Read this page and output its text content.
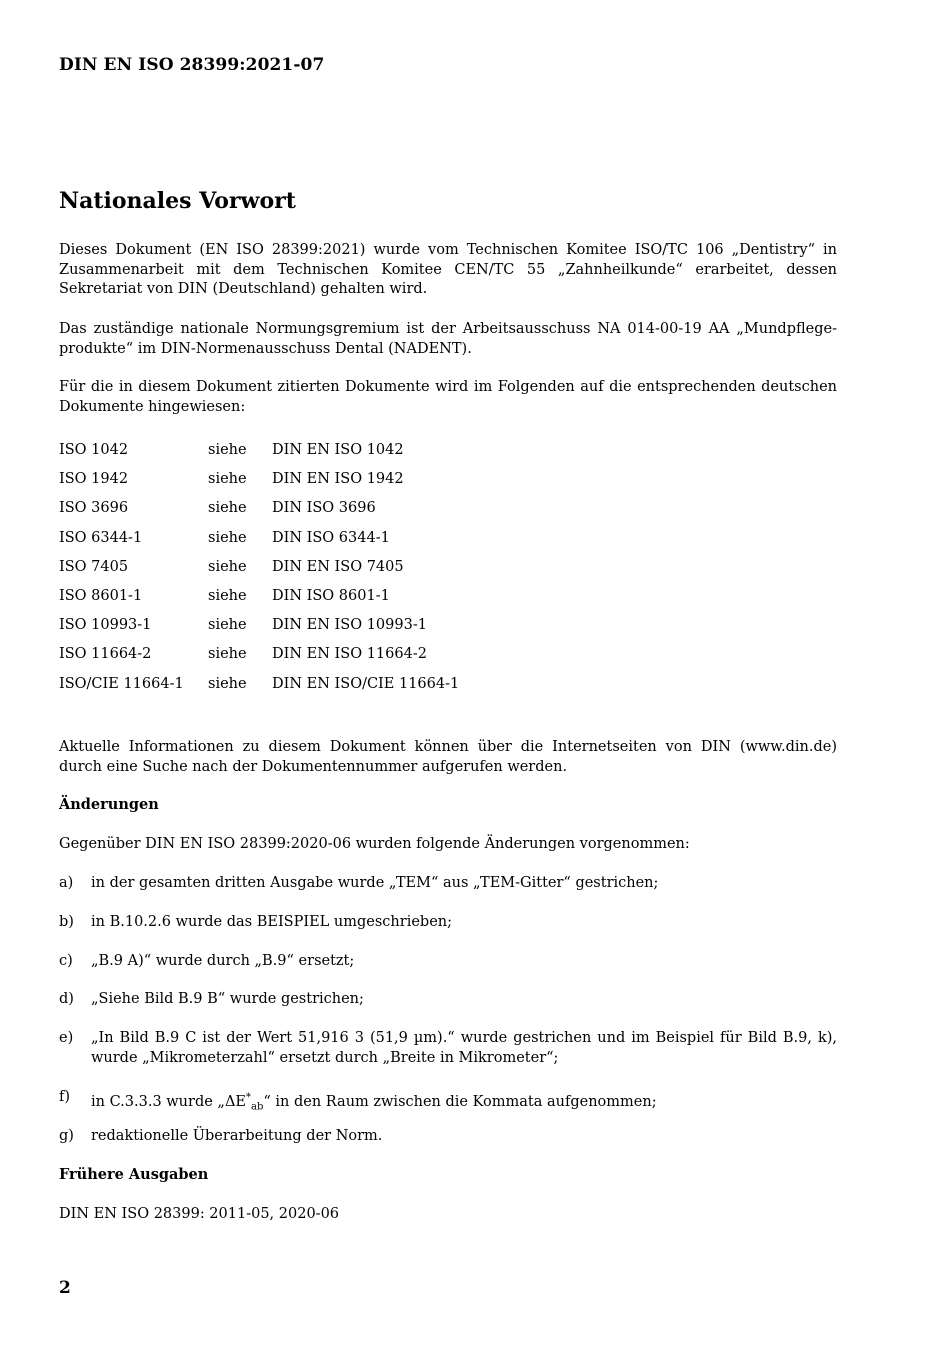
DIN EN ISO 28399:2021-07
Nationales Vorwort

Dieses Dokument (EN ISO 28399:2021) wurde vom Technischen Komitee ISO/TC 106 „Dentistry“ in Zusammenarbeit mit dem Technischen Komitee CEN/TC 55 „Zahnheilkunde“ erarbeitet, dessen Sekretariat von DIN (Deutschland) gehalten wird.

Das zuständige nationale Normungsgremium ist der Arbeitsausschuss NA 014-00-19 AA „Mundpflege-produkte“ im DIN-Normenausschuss Dental (NADENT).

Für die in diesem Dokument zitierten Dokumente wird im Folgenden auf die entsprechenden deutschen Dokumente hingewiesen:

ISO 1042	siehe DIN EN ISO 1042
ISO 1942	siehe DIN EN ISO 1942
ISO 3696	siehe DIN ISO 3696
ISO 6344-1	siehe DIN ISO 6344-1
ISO 7405	siehe DIN EN ISO 7405
ISO 8601-1	siehe DIN ISO 8601-1
ISO 10993-1	siehe DIN EN ISO 10993-1
ISO 11664-2	siehe DIN EN ISO 11664-2
ISO/CIE 11664-1 siehe DIN EN ISO/CIE 11664-1

Aktuelle Informationen zu diesem Dokument können über die Internetseiten von DIN (www.din.de) durch eine Suche nach der Dokumentennummer aufgerufen werden.

Änderungen

Gegenüber DIN EN ISO 28399:2020-06 wurden folgende Änderungen vorgenommen:

a) in der gesamten dritten Ausgabe wurde „TEM“ aus „TEM-Gitter“ gestrichen;
b) in B.10.2.6 wurde das BEISPIEL umgeschrieben;
c) „B.9 A)“ wurde durch „B.9“ ersetzt;
d) „Siehe Bild B.9 B“ wurde gestrichen;
e) „In Bild B.9 C ist der Wert 51,916 3 (51,9 µm).“ wurde gestrichen und im Beispiel für Bild B.9, k), wurde „Mikrometerzahl“ ersetzt durch „Breite in Mikrometer“;
f) in C.3.3.3 wurde $„\Delta E^*_{ab}“$ in den Raum zwischen die Kommata aufgenommen;
g) redaktionelle Überarbeitung der Norm.
Frühere Ausgaben

DIN EN ISO 28399: 2011-05, 2020-06

2
